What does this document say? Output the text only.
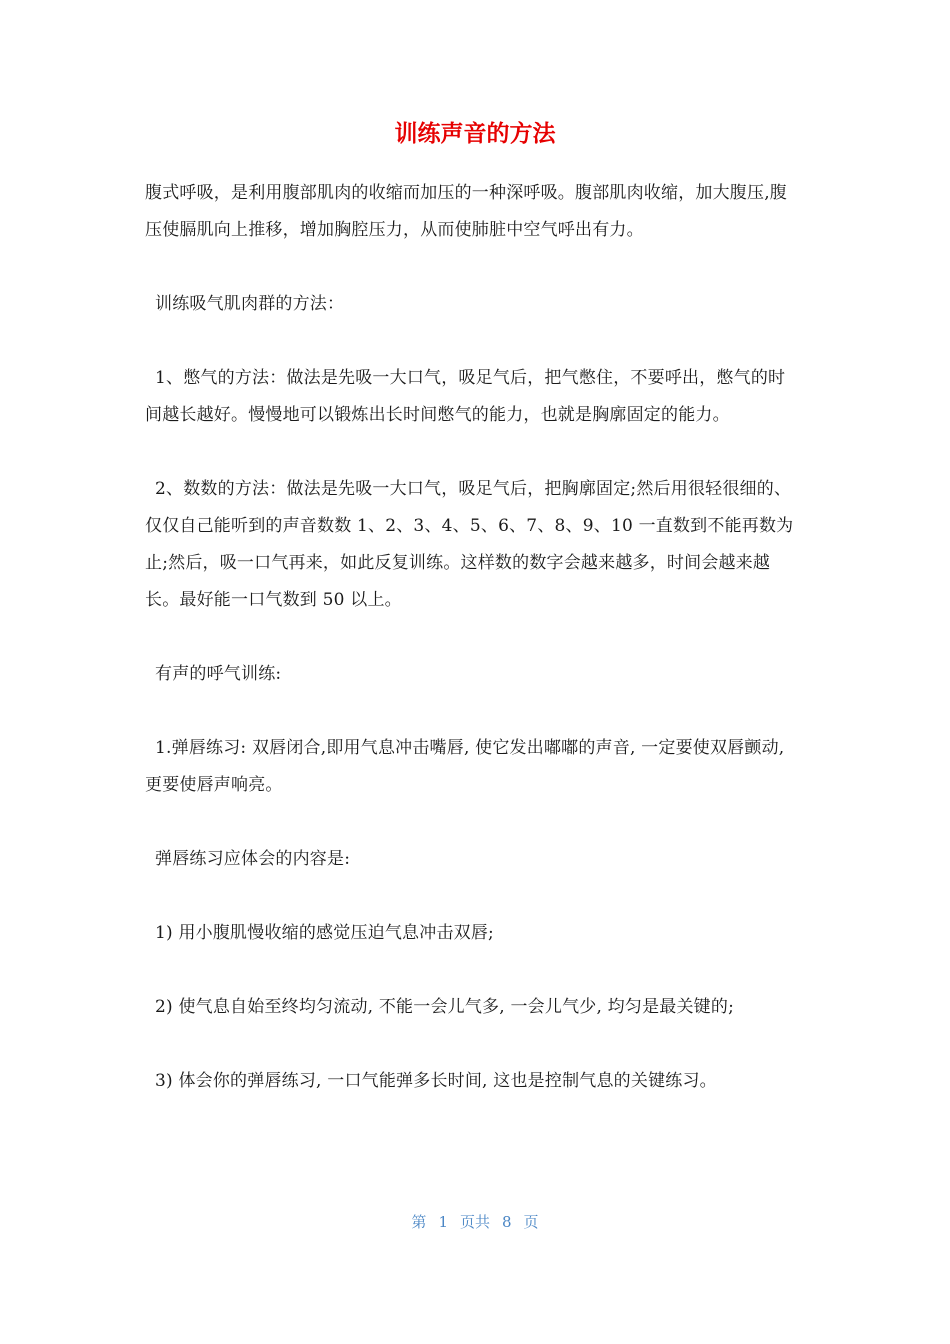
训练声音的方法

腹式呼吸，是利用腹部肌肉的收缩而加压的一种深呼吸。腹部肌肉收缩，加大腹压,腹压使膈肌向上推移，增加胸腔压力，从而使肺脏中空气呼出有力。

训练吸气肌肉群的方法：

1、憋气的方法：做法是先吸一大口气，吸足气后，把气憋住，不要呼出，憋气的时间越长越好。慢慢地可以锻炼出长时间憋气的能力，也就是胸廓固定的能力。

2、数数的方法：做法是先吸一大口气，吸足气后，把胸廓固定;然后用很轻很细的、仅仅自己能听到的声音数数 1、2、3、4、5、6、7、8、9、10 一直数到不能再数为止;然后，吸一口气再来，如此反复训练。这样数的数字会越来越多，时间会越来越长。最好能一口气数到 50 以上。

有声的呼气训练:

1.弹唇练习: 双唇闭合,即用气息冲击嘴唇, 使它发出嘟嘟的声音, 一定要使双唇颤动, 更要使唇声响亮。

弹唇练习应体会的内容是:

1) 用小腹肌慢收缩的感觉压迫气息冲击双唇;

2) 使气息自始至终均匀流动, 不能一会儿气多, 一会儿气少, 均匀是最关键的;

3) 体会你的弹唇练习, 一口气能弹多长时间, 这也是控制气息的关键练习。

第 1 页共 8 页
